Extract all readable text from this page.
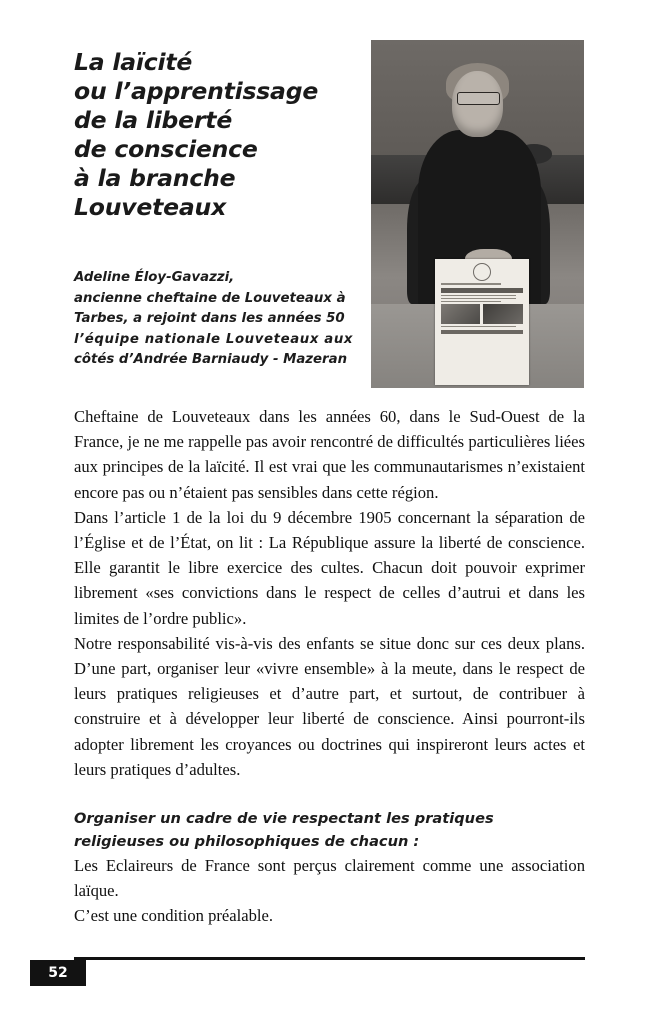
La laïcité
ou l’apprentissage
de la liberté
de conscience
à la branche
Louveteaux
Adeline Éloy-Gavazzi,
ancienne cheftaine de Louveteaux à
Tarbes, a rejoint dans les années 50
l’équipe nationale Louveteaux aux
côtés d’Andrée Barniaudy - Mazeran

Cheftaine de Louveteaux dans les années 60, dans le Sud-Ouest de la France, je ne me rappelle pas avoir rencontré de difficultés particulières liées aux principes de la laïcité. Il est vrai que les communautarismes n’existaient encore pas ou n’étaient pas sensibles dans cette région.

Dans l’article 1 de la loi du 9 décembre 1905 concernant la séparation de l’Église et de l’État, on lit : La République assure la liberté de conscience. Elle garantit le libre exercice des cultes. Chacun doit pouvoir exprimer librement «ses convictions dans le respect de celles d’autrui et dans les limites de l’ordre public».

Notre responsabilité vis-à-vis des enfants se situe donc sur ces deux plans. D’une part, organiser leur «vivre ensemble» à la meute, dans le respect de leurs pratiques religieuses et d’autre part, et surtout, de contribuer à construire et à développer leur liberté de conscience. Ainsi pourront-ils adopter librement les croyances ou doctrines qui inspireront leurs actes et leurs pratiques d’adultes.

Organiser un cadre de vie respectant les pratiques religieuses ou philosophiques de chacun :

Les Eclaireurs de France sont perçus clairement comme une association laïque.

C’est une condition préalable.

52
